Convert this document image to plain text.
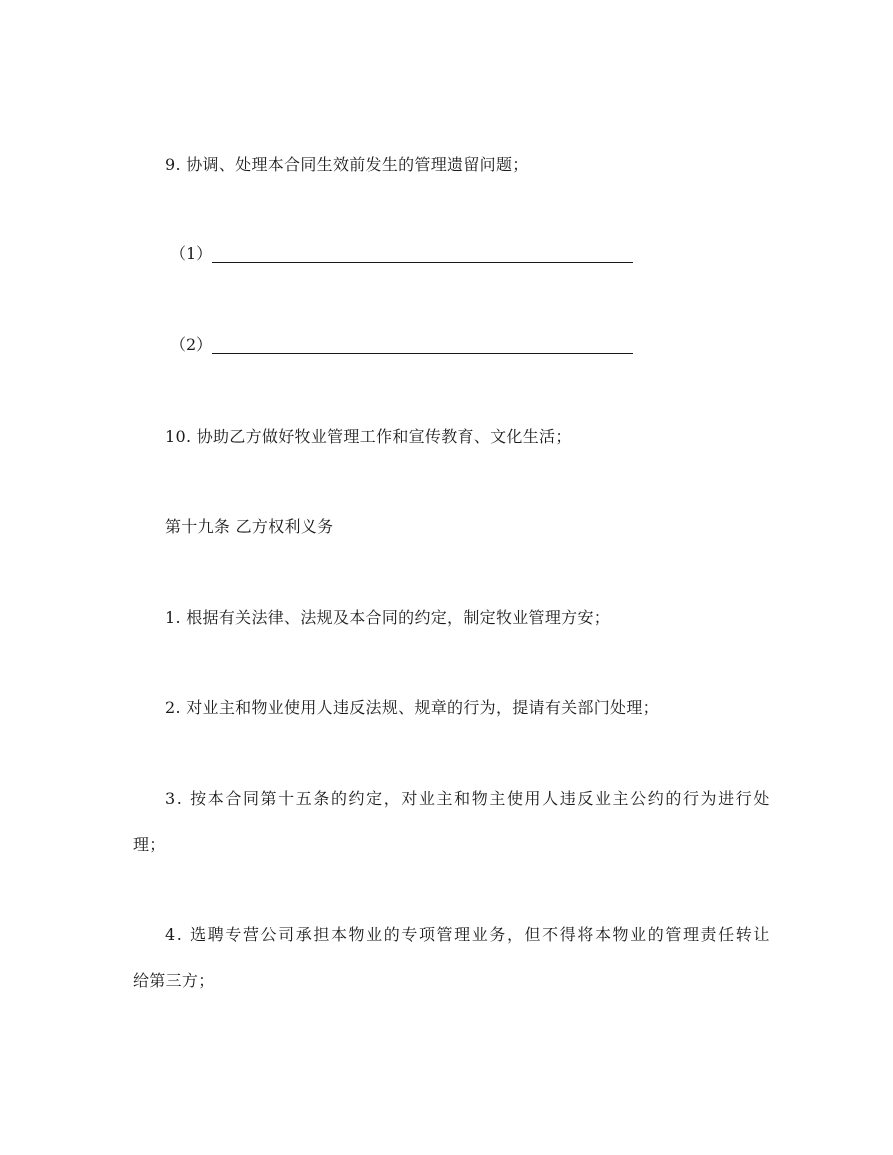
9. 协调、处理本合同生效前发生的管理遗留问题；
（1）
（2）
10. 协助乙方做好牧业管理工作和宣传教育、文化生活；
第十九条 乙方权利义务
1. 根据有关法律、法规及本合同的约定，制定牧业管理方安；
2. 对业主和物业使用人违反法规、规章的行为，提请有关部门处理；
3. 按本合同第十五条的约定，对业主和物主使用人违反业主公约的行为进行处
理；
4. 选聘专营公司承担本物业的专项管理业务，但不得将本物业的管理责任转让
给第三方；
